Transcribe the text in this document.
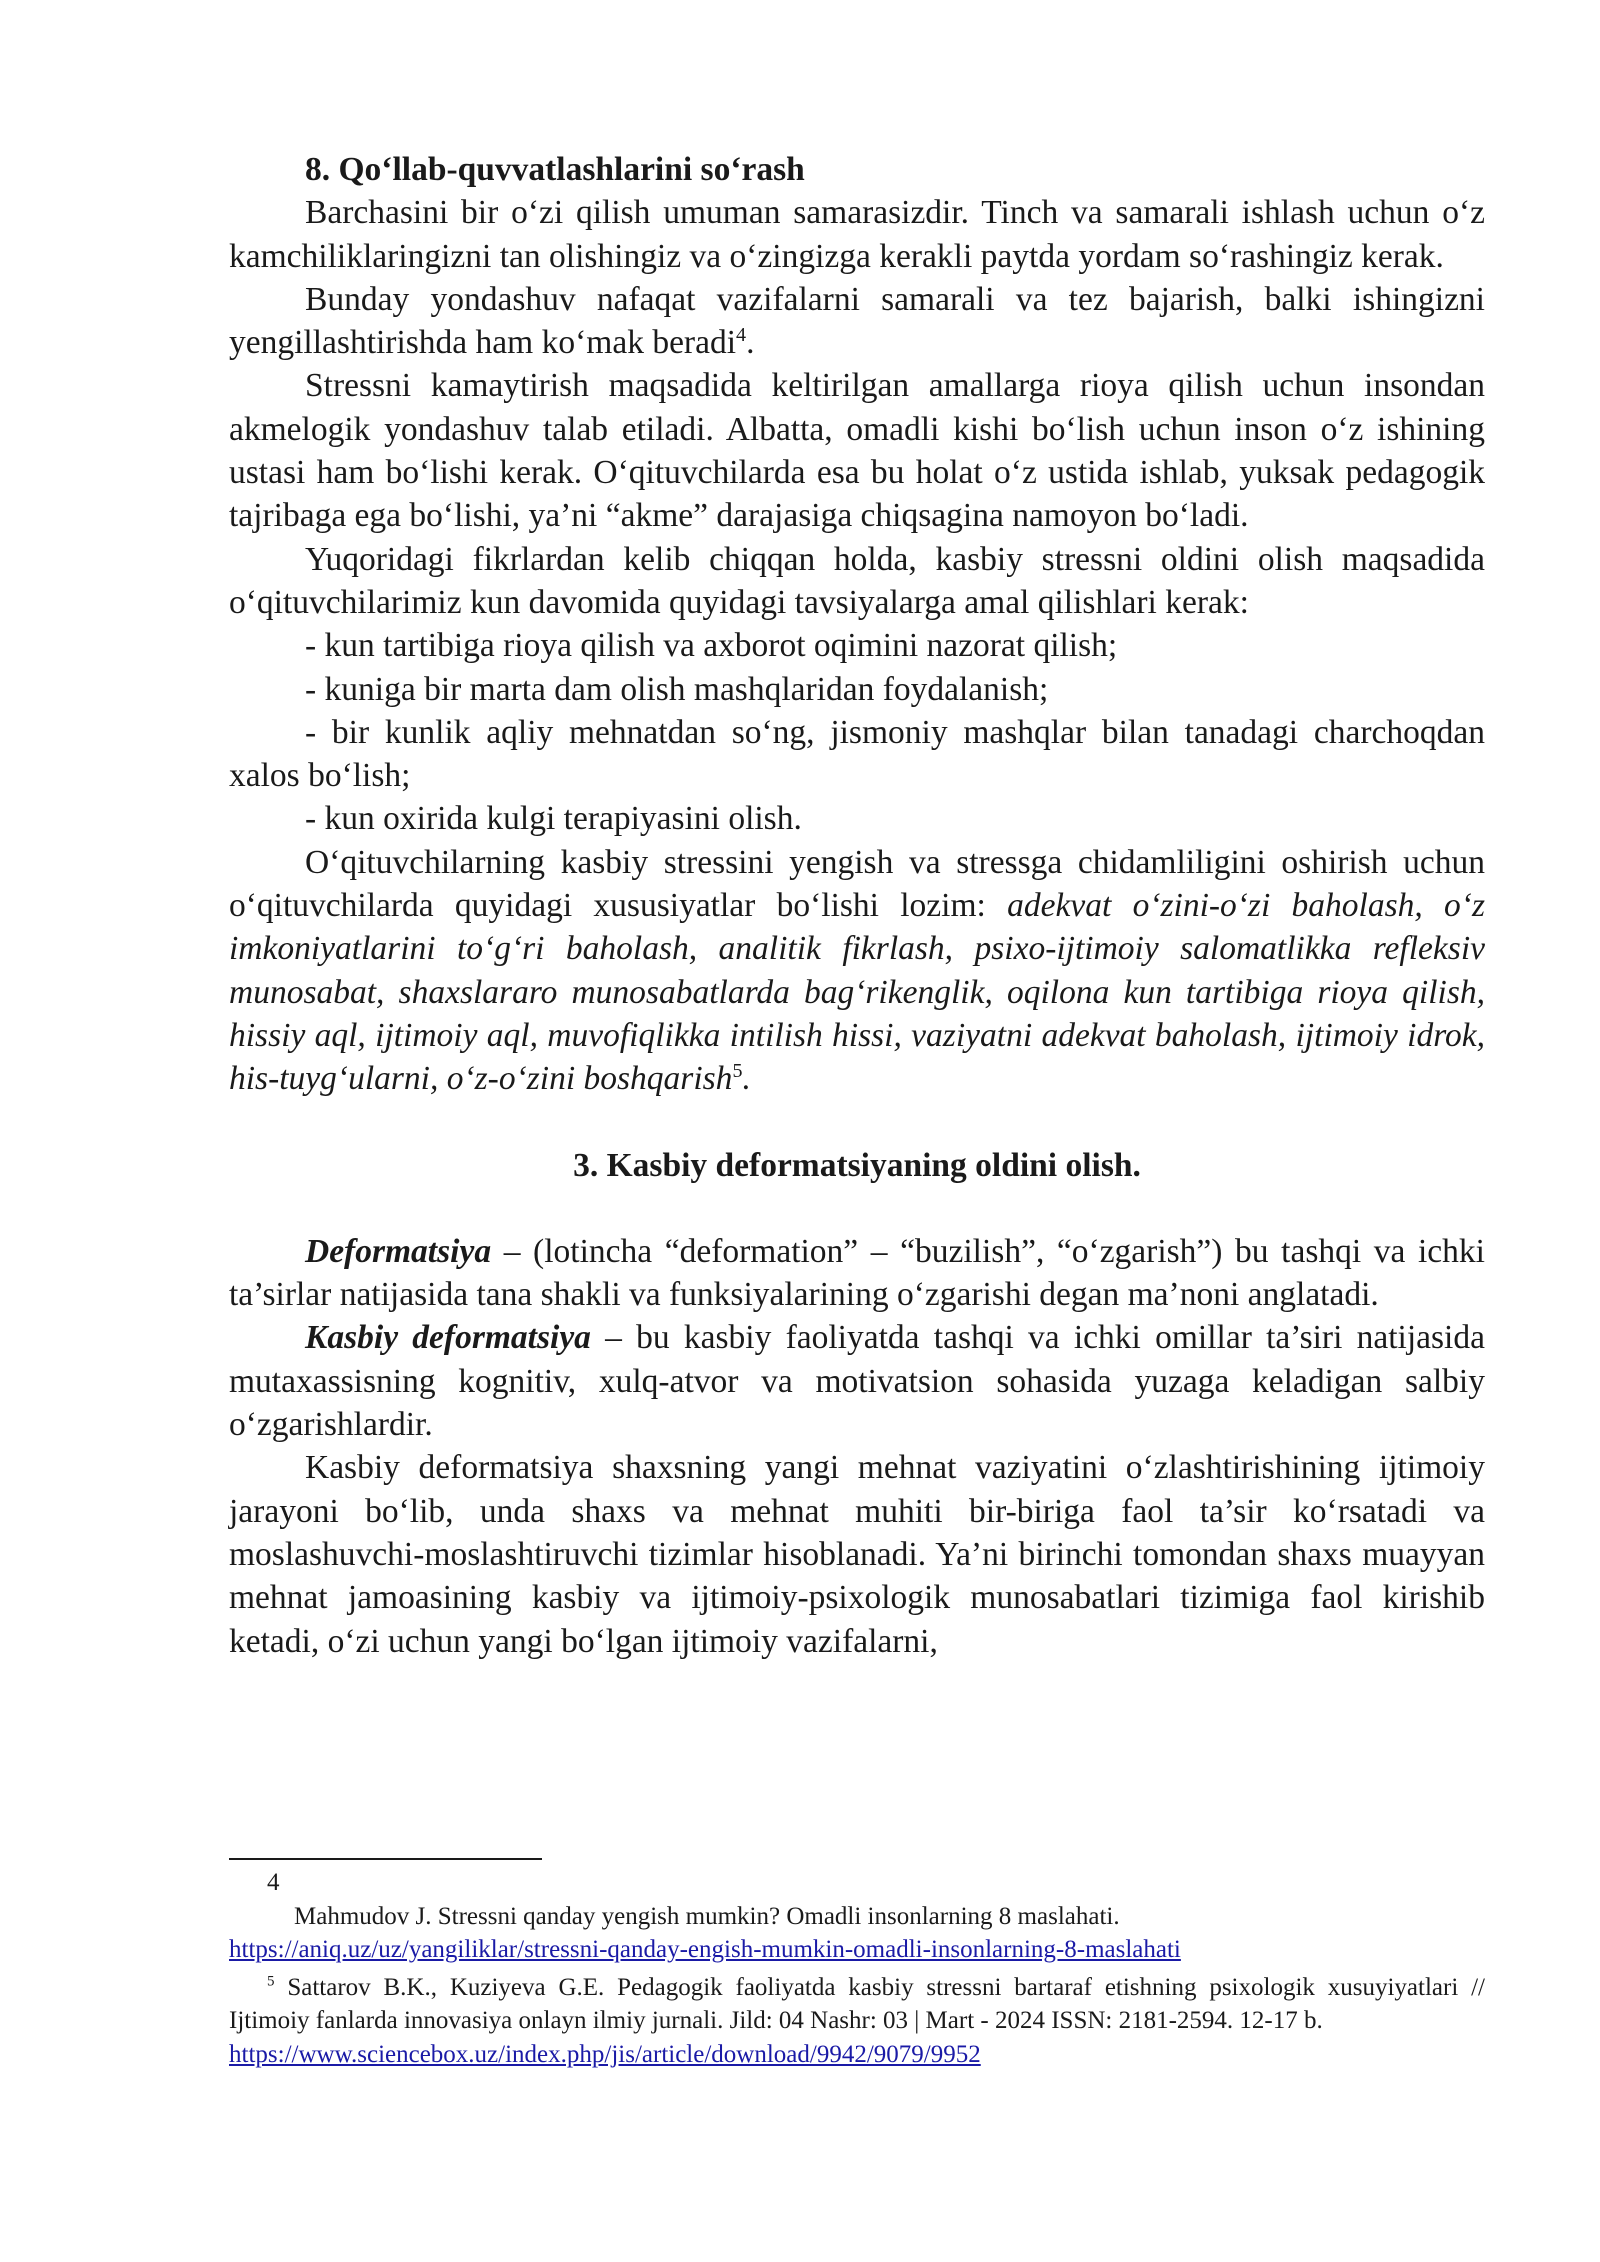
8. Qo‘llab-quvvatlashlarini so‘rash

Barchasini bir o‘zi qilish umuman samarasizdir. Tinch va samarali ishlash uchun o‘z kamchiliklaringizni tan olishingiz va o‘zingizga kerakli paytda yordam so‘rashingiz kerak.

Bunday yondashuv nafaqat vazifalarni samarali va tez bajarish, balki ishingizni yengillashtirishda ham ko‘mak beradi$^4$.

Stressni kamaytirish maqsadida keltirilgan amallarga rioya qilish uchun insondan akmelogik yondashuv talab etiladi. Albatta, omadli kishi bo‘lish uchun inson o‘z ishining ustasi ham bo‘lishi kerak. O‘qituvchilarda esa bu holat o‘z ustida ishlab, yuksak pedagogik tajribaga ega bo‘lishi, ya’ni “akme” darajasiga chiqsagina namoyon bo‘ladi.

Yuqoridagi fikrlardan kelib chiqqan holda, kasbiy stressni oldini olish maqsadida o‘qituvchilarimiz kun davomida quyidagi tavsiyalarga amal qilishlari kerak:

- kun tartibiga rioya qilish va axborot oqimini nazorat qilish;

- kuniga bir marta dam olish mashqlaridan foydalanish;

- bir kunlik aqliy mehnatdan so‘ng, jismoniy mashqlar bilan tanadagi charchoqdan xalos bo‘lish;

- kun oxirida kulgi terapiyasini olish.

O‘qituvchilarning kasbiy stressini yengish va stressga chidamliligini oshirish uchun o‘qituvchilarda quyidagi xususiyatlar bo‘lishi lozim: adekvat o‘zini-o‘zi baholash, o‘z imkoniyatlarini to‘g‘ri baholash, analitik fikrlash, psixo-ijtimoiy salomatlikka refleksiv munosabat, shaxslararo munosabatlarda bag‘rikenglik, oqilona kun tartibiga rioya qilish, hissiy aql, ijtimoiy aql, muvofiqlikka intilish hissi, vaziyatni adekvat baholash, ijtimoiy idrok, his-tuyg‘ularni, o‘z-o‘zini boshqarish$^5$.

3. Kasbiy deformatsiyaning oldini olish.

Deformatsiya – (lotincha “deformation” – “buzilish”, “o‘zgarish”) bu tashqi va ichki ta’sirlar natijasida tana shakli va funksiyalarining o‘zgarishi degan ma’noni anglatadi.

Kasbiy deformatsiya – bu kasbiy faoliyatda tashqi va ichki omillar ta’siri natijasida mutaxassisning kognitiv, xulq-atvor va motivatsion sohasida yuzaga keladigan salbiy o‘zgarishlardir.

Kasbiy deformatsiya shaxsning yangi mehnat vaziyatini o‘zlashtirishining ijtimoiy jarayoni bo‘lib, unda shaxs va mehnat muhiti bir-biriga faol ta’sir ko‘rsatadi va moslashuvchi-moslashtiruvchi tizimlar hisoblanadi. Ya’ni birinchi tomondan shaxs muayyan mehnat jamoasining kasbiy va ijtimoiy-psixologik munosabatlari tizimiga faol kirishib ketadi, o‘zi uchun yangi bo‘lgan ijtimoiy vazifalarni,

4

Mahmudov J. Stressni qanday yengish mumkin? Omadli insonlarning 8 maslahati.

https://aniq.uz/uz/yangiliklar/stressni-qanday-engish-mumkin-omadli-insonlarning-8-maslahati

$^5$ Sattarov B.K., Kuziyeva G.E. Pedagogik faoliyatda kasbiy stressni bartaraf etishning psixologik xusuyiyatlari // Ijtimoiy fanlarda innovasiya onlayn ilmiy jurnali. Jild: 04 Nashr: 03 | Mart - 2024 ISSN: 2181-2594. 12-17 b.

https://www.sciencebox.uz/index.php/jis/article/download/9942/9079/9952
